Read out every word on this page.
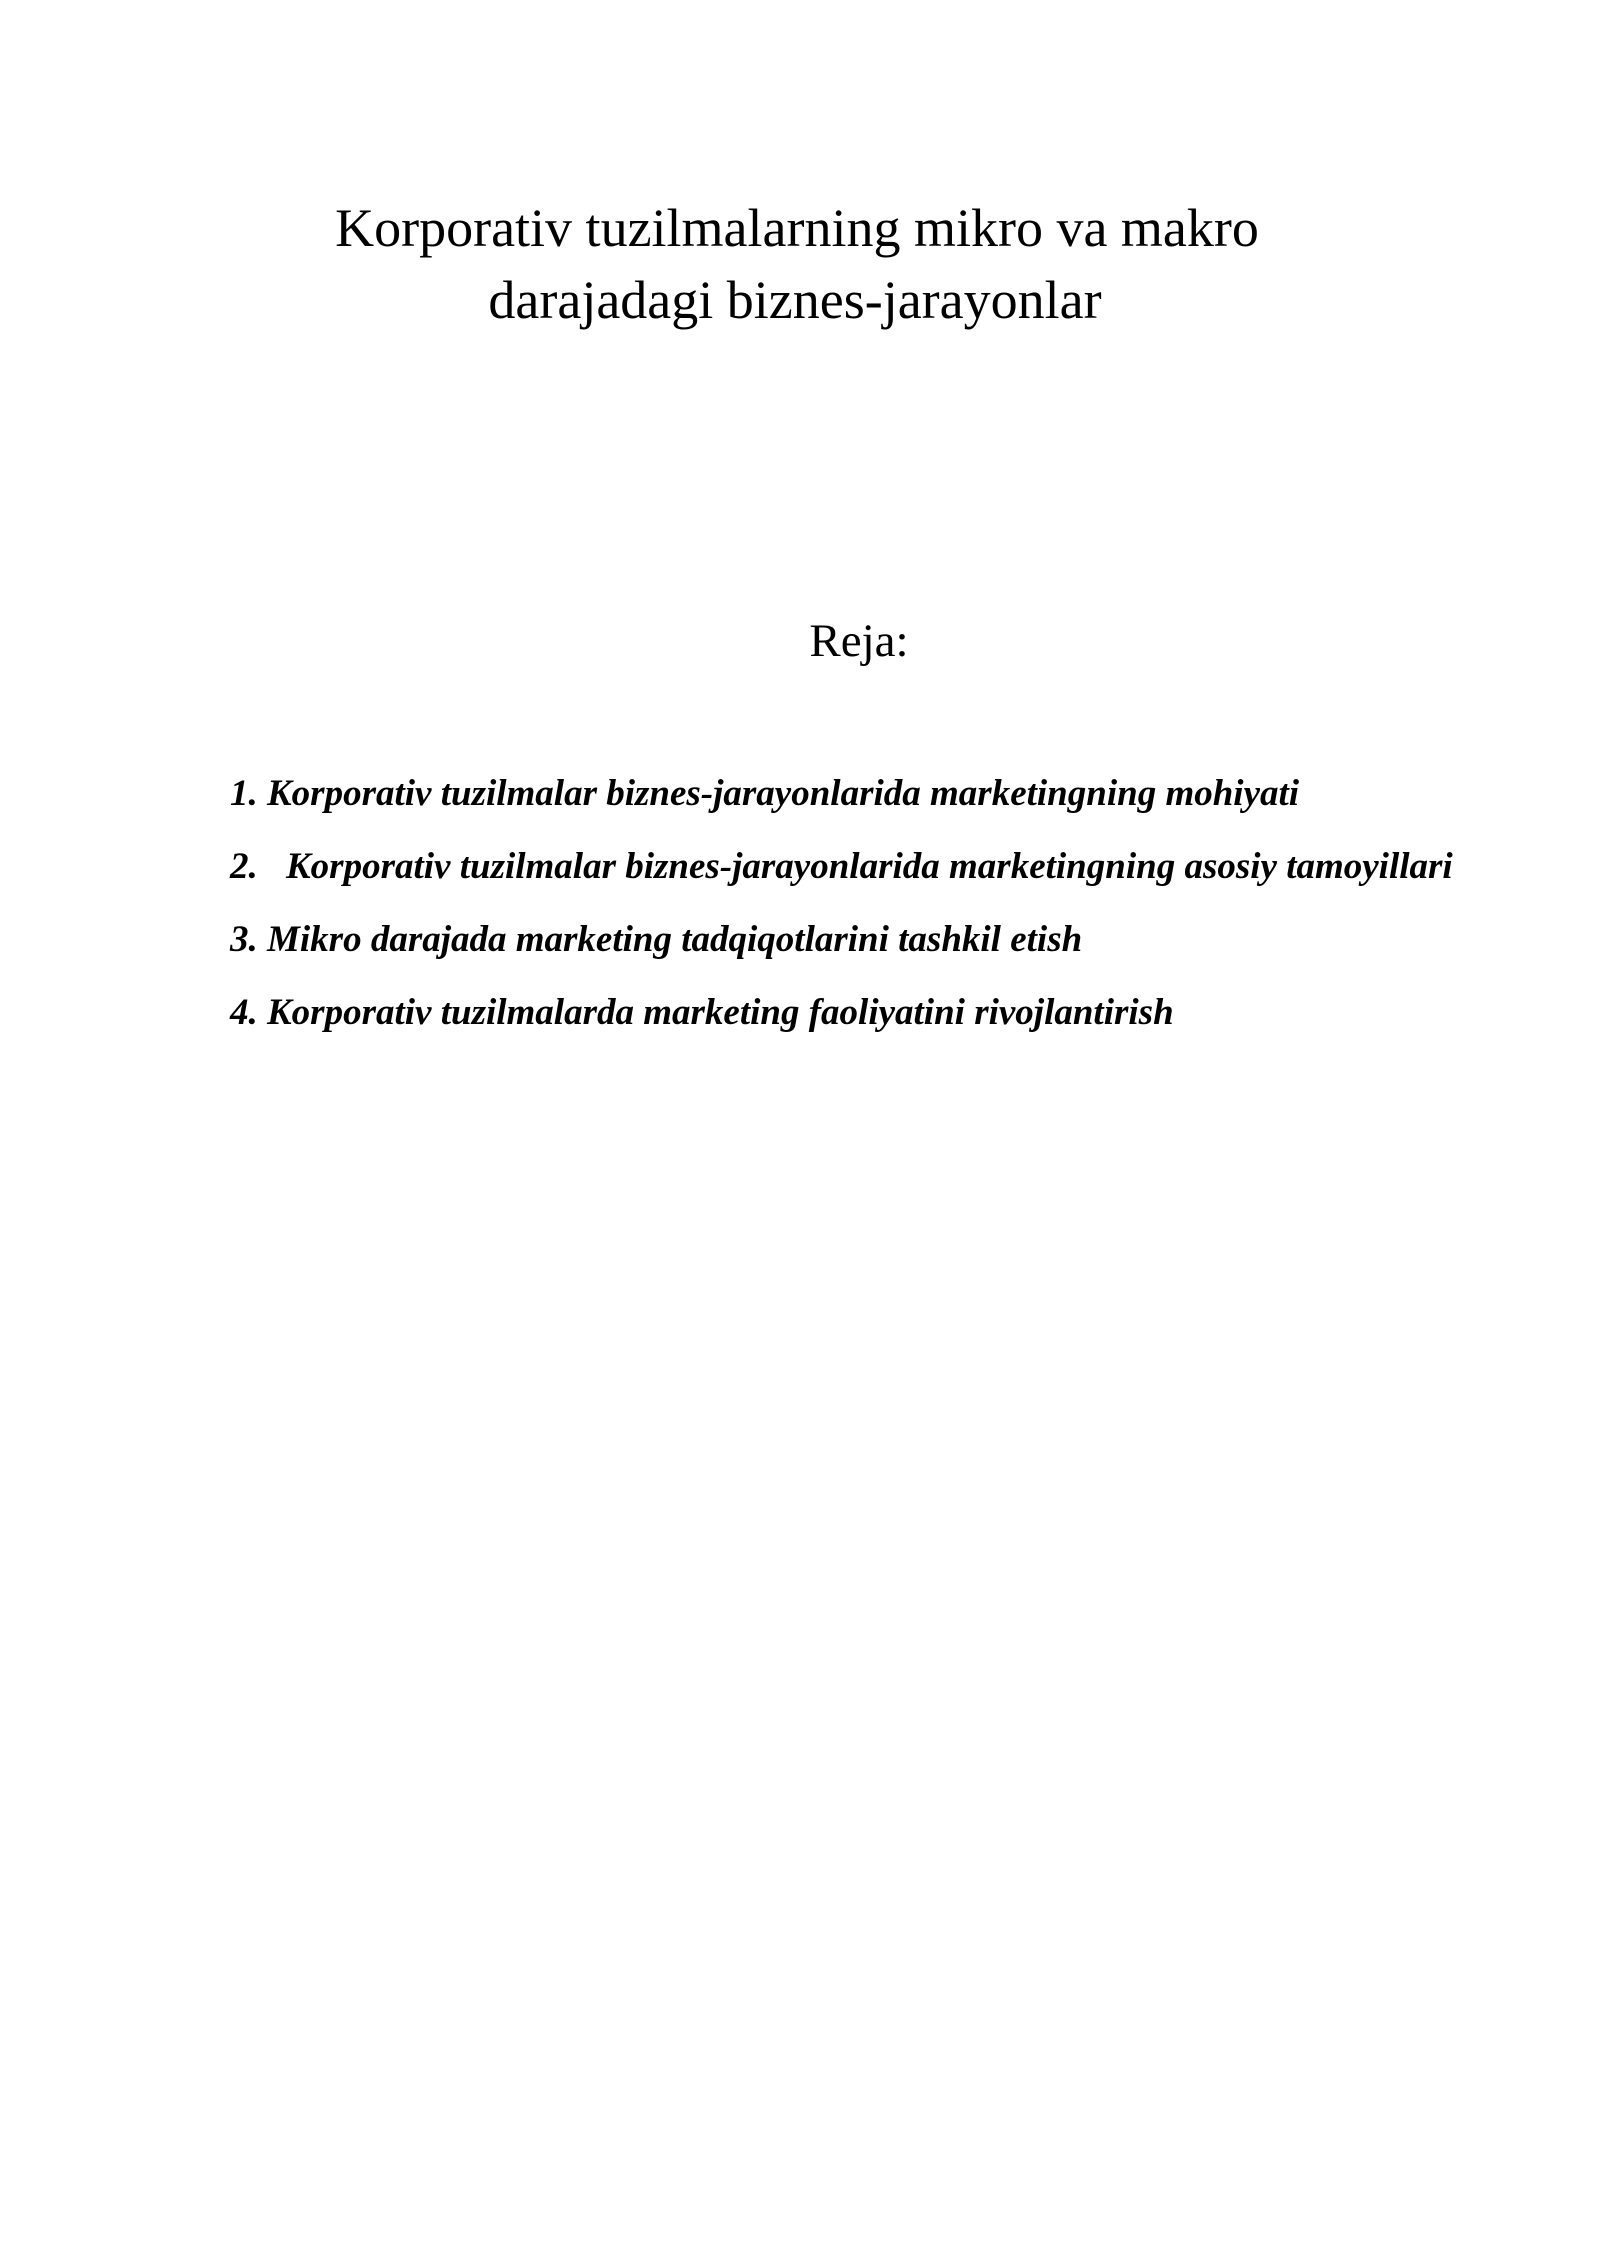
Korporativ tuzilmalarning mikro va makro
darajadagi biznes-jarayonlar
Reja:
1. Korporativ tuzilmalar biznes-jarayonlarida marketingning mohiyati
2. Korporativ tuzilmalar biznes-jarayonlarida marketingning asosiy tamoyillari
3. Mikro darajada marketing tadqiqotlarini tashkil etish
4. Korporativ tuzilmalarda marketing faoliyatini rivojlantirish
